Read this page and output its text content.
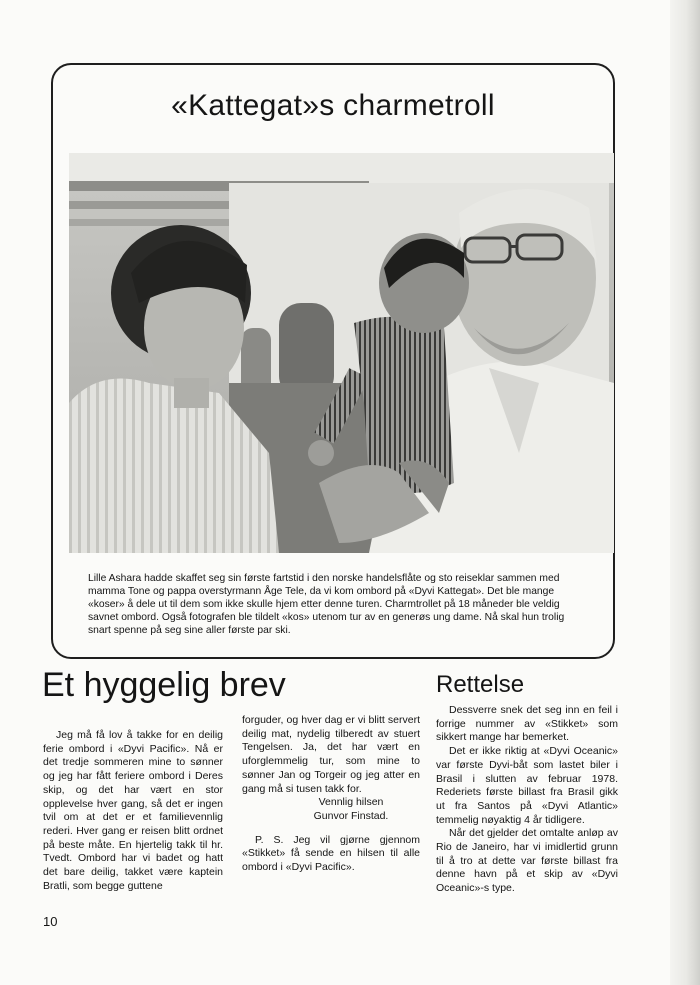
«Kattegat»s charmetroll

Lille Ashara hadde skaffet seg sin første fartstid i den norske handelsflåte og sto reiseklar sammen med mamma Tone og pappa overstyrmann Åge Tele, da vi kom ombord på «Dyvi Kattegat». Det ble mange «koser» å dele ut til dem som ikke skulle hjem etter denne turen. Charmtrollet på 18 måneder ble veldig savnet ombord. Også fotografen ble tildelt «kos» utenom tur av en generøs ung dame. Nå skal hun trolig snart spenne på seg sine aller første par ski.

Et hyggelig brev

Jeg må få lov å takke for en deilig ferie ombord i «Dyvi Pacific». Nå er det tredje sommeren mine to sønner og jeg har fått feriere ombord i Deres skip, og det har vært en stor opplevelse hver gang, så det er ingen tvil om at det er et familievennlig rederi. Hver gang er reisen blitt ordnet på beste måte. En hjertelig takk til hr. Tvedt. Ombord har vi badet og hatt det bare deilig, takket være kaptein Bratli, som begge guttene

forguder, og hver dag er vi blitt servert deilig mat, nydelig tilberedt av stuert Tengelsen. Ja, det har vært en uforglemmelig tur, som mine to sønner Jan og Torgeir og jeg atter en gang må si tusen takk for.

Vennlig hilsen

Gunvor Finstad.

P. S. Jeg vil gjørne gjennom «Stikket» få sende en hilsen til alle ombord i «Dyvi Pacific».

Rettelse

Dessverre snek det seg inn en feil i forrige nummer av «Stikket» som sikkert mange har bemerket.

Det er ikke riktig at «Dyvi Oceanic» var første Dyvi-båt som lastet biler i Brasil i slutten av februar 1978. Rederiets første billast fra Brasil gikk ut fra Santos på «Dyvi Atlantic» temmelig nøyaktig 4 år tidligere.

Når det gjelder det omtalte anløp av Rio de Janeiro, har vi imidlertid grunn til å tro at dette var første billast fra denne havn på et skip av «Dyvi Oceanic»-s type.

10
